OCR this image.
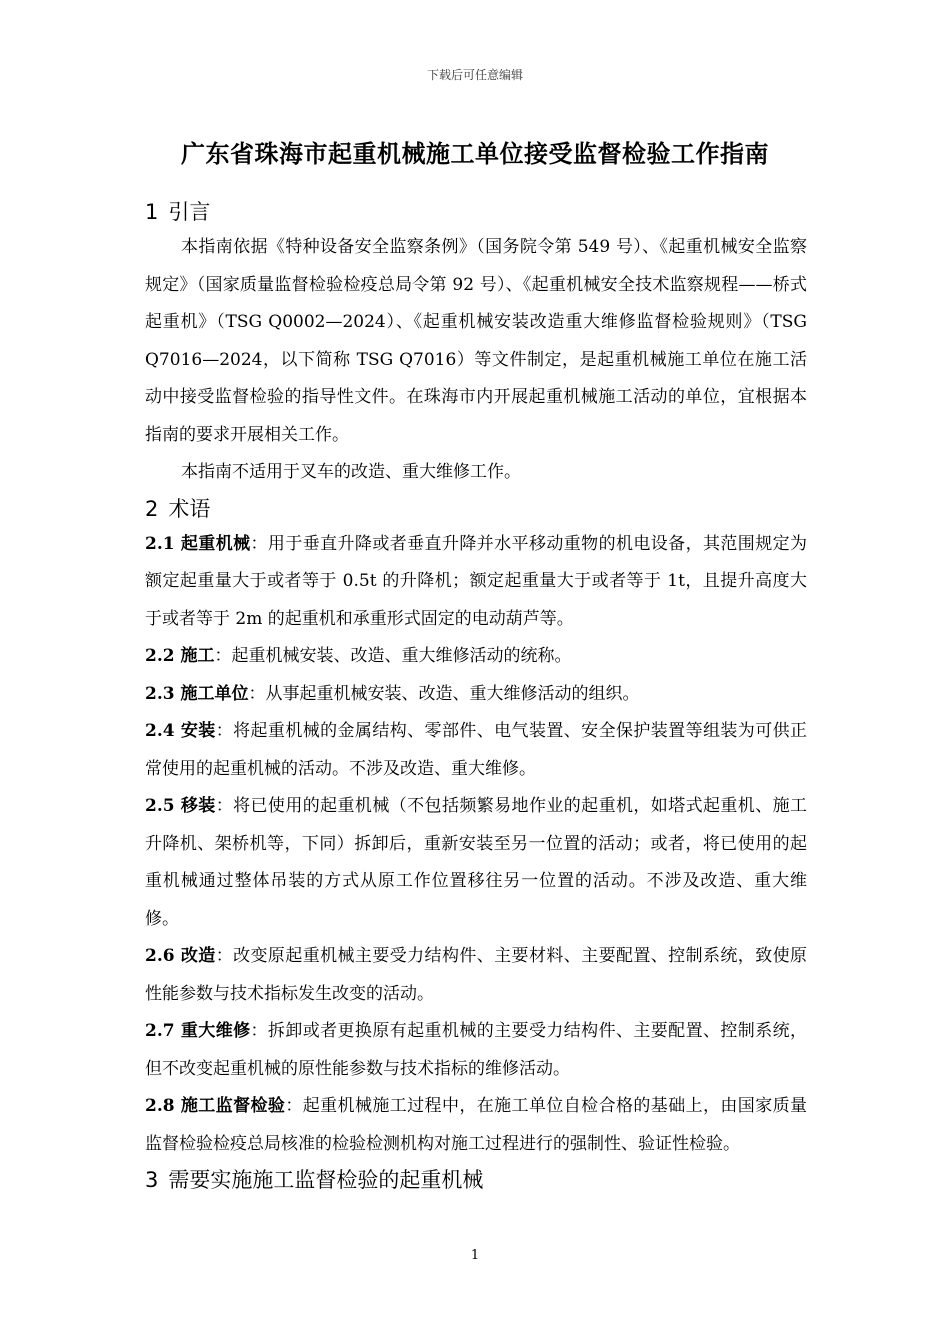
下载后可任意编辑
广东省珠海市起重机械施工单位接受监督检验工作指南
1 引言

本指南依据《特种设备安全监察条例》（国务院令第 549 号）、《起重机械安全监察规定》（国家质量监督检验检疫总局令第 92 号）、《起重机械安全技术监察规程——桥式起重机》（TSG Q0002—2024）、《起重机械安装改造重大维修监督检验规则》（TSG Q7016—2024，以下简称 TSG Q7016）等文件制定，是起重机械施工单位在施工活动中接受监督检验的指导性文件。在珠海市内开展起重机械施工活动的单位，宜根据本指南的要求开展相关工作。

本指南不适用于叉车的改造、重大维修工作。

2 术语

2.1 起重机械：用于垂直升降或者垂直升降并水平移动重物的机电设备，其范围规定为额定起重量大于或者等于 0.5t 的升降机；额定起重量大于或者等于 1t，且提升高度大于或者等于 2m 的起重机和承重形式固定的电动葫芦等。

2.2 施工：起重机械安装、改造、重大维修活动的统称。

2.3 施工单位：从事起重机械安装、改造、重大维修活动的组织。

2.4 安装：将起重机械的金属结构、零部件、电气装置、安全保护装置等组装为可供正常使用的起重机械的活动。不涉及改造、重大维修。

2.5 移装：将已使用的起重机械（不包括频繁易地作业的起重机，如塔式起重机、施工升降机、架桥机等，下同）拆卸后，重新安装至另一位置的活动；或者，将已使用的起重机械通过整体吊装的方式从原工作位置移往另一位置的活动。不涉及改造、重大维修。

2.6 改造：改变原起重机械主要受力结构件、主要材料、主要配置、控制系统，致使原性能参数与技术指标发生改变的活动。

2.7 重大维修：拆卸或者更换原有起重机械的主要受力结构件、主要配置、控制系统，但不改变起重机械的原性能参数与技术指标的维修活动。

2.8 施工监督检验：起重机械施工过程中，在施工单位自检合格的基础上，由国家质量监督检验检疫总局核准的检验检测机构对施工过程进行的强制性、验证性检验。

3 需要实施施工监督检验的起重机械
1
